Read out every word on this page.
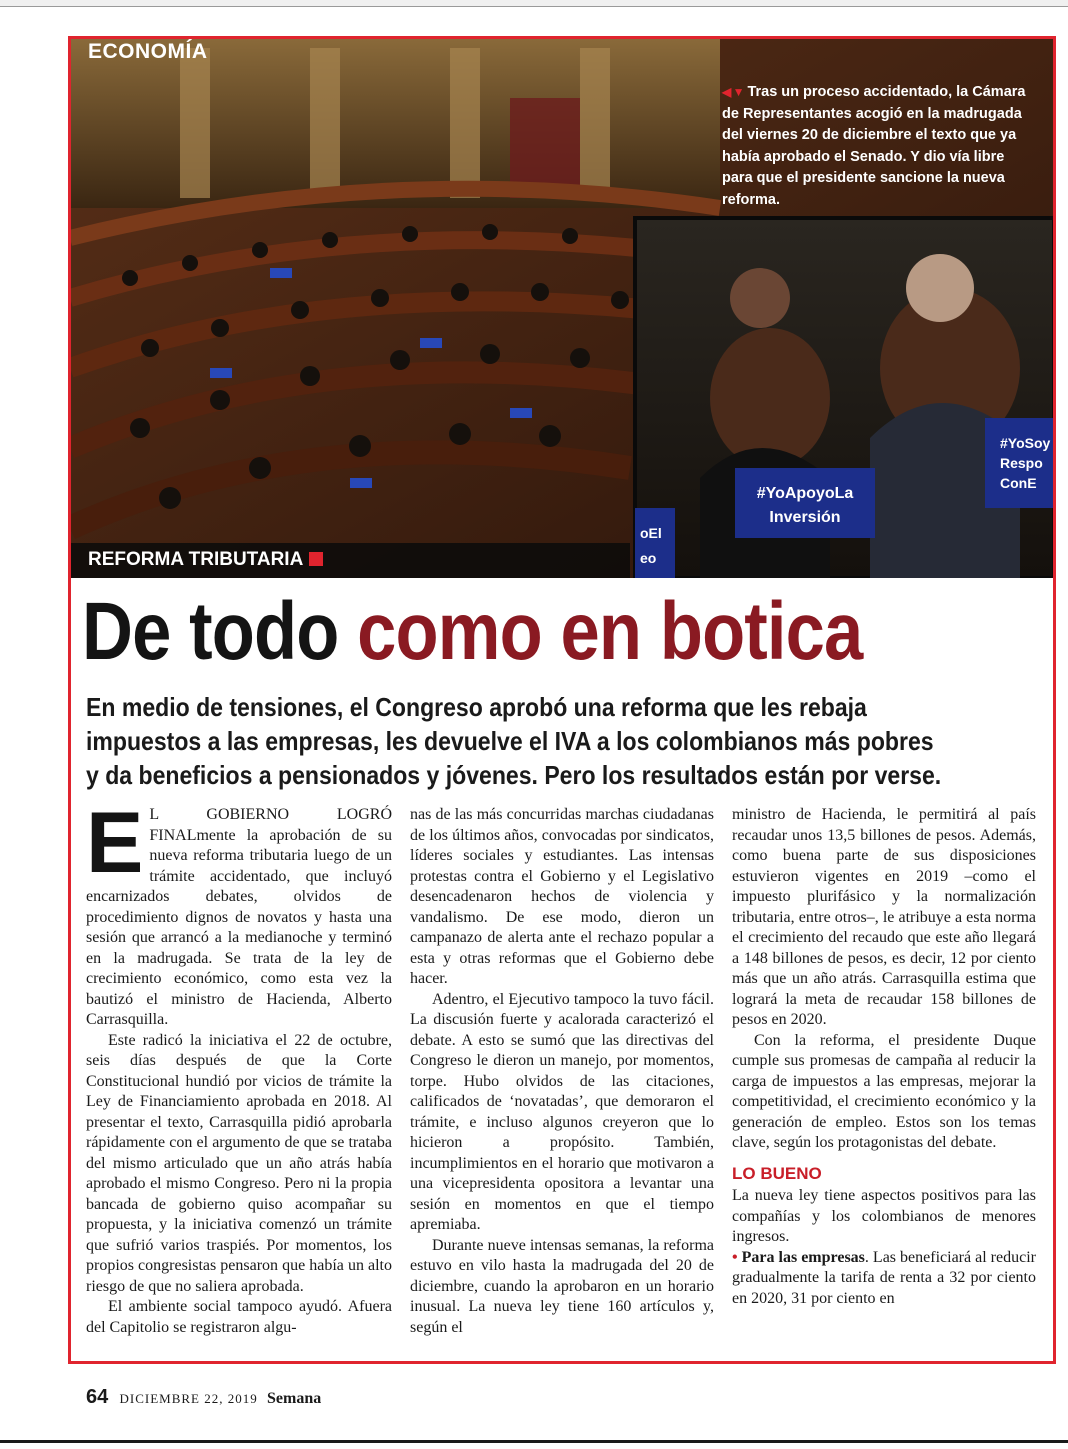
#YoApoyoLa
Inversión
#YoSoy
Respo
ConE
oEl
eo
ECONOMÍA
◀ ▼ Tras un proceso accidentado, la Cámara de Representantes acogió en la madrugada del viernes 20 de diciembre el texto que ya había aprobado el Senado. Y dio vía libre para que el presidente sancione la nueva reforma.
REFORMA TRIBUTARIA
De todo como en botica
En medio de tensiones, el Congreso aprobó una reforma que les rebaja
impuestos a las empresas, les devuelve el IVA a los colombianos más pobres
y da beneficios a pensionados y jóvenes. Pero los resultados están por verse.
E L GOBIERNO LOGRÓ FINALmente la aprobación de su nueva reforma tributaria luego de un trámite accidentado, que incluyó encarnizados debates, olvidos de procedimiento dignos de novatos y hasta una sesión que arrancó a la medianoche y terminó en la madrugada. Se trata de la ley de crecimiento económico, como esta vez la bautizó el ministro de Hacienda, Alberto Carrasquilla.

Este radicó la iniciativa el 22 de octubre, seis días después de que la Corte Constitucional hundió por vicios de trámite la Ley de Financiamiento aprobada en 2018. Al presentar el texto, Carrasquilla pidió aprobarla rápidamente con el argumento de que se trataba del mismo articulado que un año atrás había aprobado el mismo Congreso. Pero ni la propia bancada de gobierno quiso acompañar su propuesta, y la iniciativa comenzó un trámite que sufrió varios traspiés. Por momentos, los propios congresistas pensaron que había un alto riesgo de que no saliera aprobada.

El ambiente social tampoco ayudó. Afuera del Capitolio se registraron algu-

nas de las más concurridas marchas ciudadanas de los últimos años, convocadas por sindicatos, líderes sociales y estudiantes. Las intensas protestas contra el Gobierno y el Legislativo desencadenaron hechos de violencia y vandalismo. De ese modo, dieron un campanazo de alerta ante el rechazo popular a esta y otras reformas que el Gobierno debe hacer.

Adentro, el Ejecutivo tampoco la tuvo fácil. La discusión fuerte y acalorada caracterizó el debate. A esto se sumó que las directivas del Congreso le dieron un manejo, por momentos, torpe. Hubo olvidos de las citaciones, calificados de ‘novatadas’, que demoraron el trámite, e incluso algunos creyeron que lo hicieron a propósito. También, incumplimientos en el horario que motivaron a una vicepresidenta opositora a levantar una sesión en momentos en que el tiempo apremiaba.

Durante nueve intensas semanas, la reforma estuvo en vilo hasta la madrugada del 20 de diciembre, cuando la aprobaron en un horario inusual. La nueva ley tiene 160 artículos y, según el

ministro de Hacienda, le permitirá al país recaudar unos 13,5 billones de pesos. Además, como buena parte de sus disposiciones estuvieron vigentes en 2019 –como el impuesto plurifásico y la normalización tributaria, entre otros–, le atribuye a esta norma el crecimiento del recaudo que este año llegará a 148 billones de pesos, es decir, 12 por ciento más que un año atrás. Carrasquilla estima que logrará la meta de recaudar 158 billones de pesos en 2020.

Con la reforma, el presidente Duque cumple sus promesas de campaña al reducir la carga de impuestos a las empresas, mejorar la competitividad, el crecimiento económico y la generación de empleo. Estos son los temas clave, según los protagonistas del debate.

LO BUENO

La nueva ley tiene aspectos positivos para las compañías y los colombianos de menores ingresos.

• Para las empresas. Las beneficiará al reducir gradualmente la tarifa de renta a 32 por ciento en 2020, 31 por ciento en

64 DICIEMBRE 22, 2019 Semana
